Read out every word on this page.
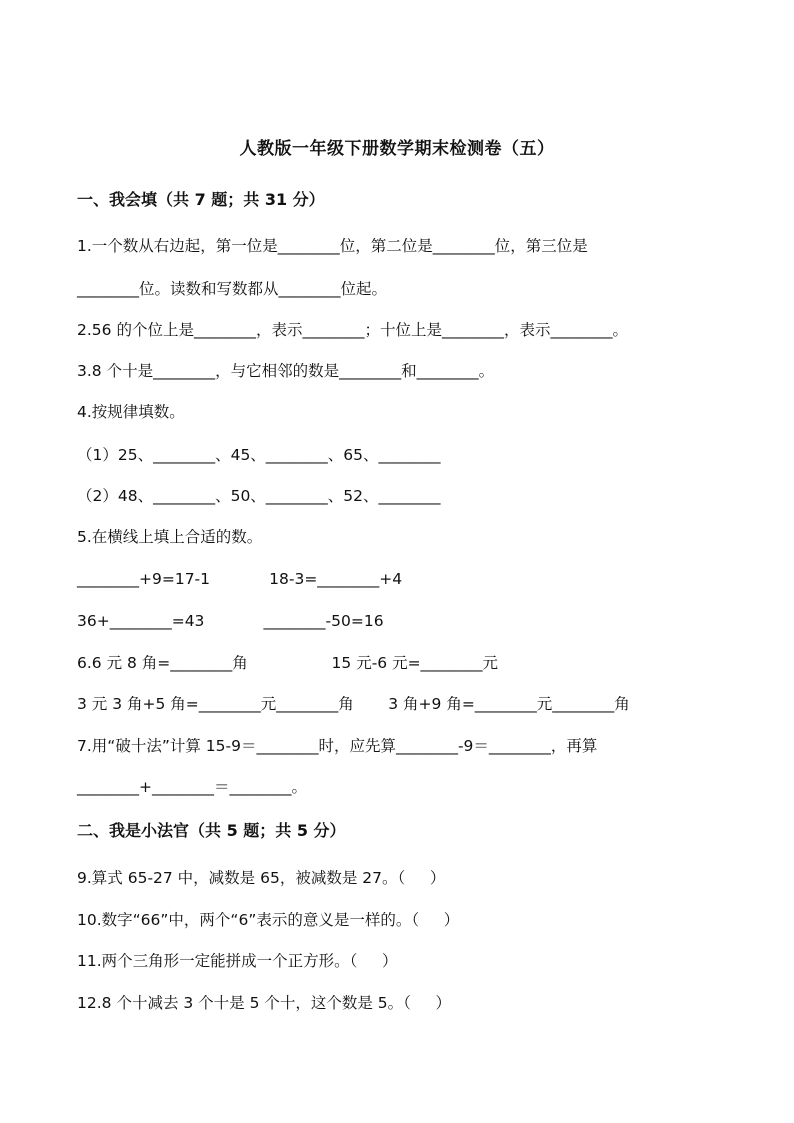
人教版一年级下册数学期末检测卷（五）
一、我会填（共 7 题；共 31 分）
1.一个数从右边起，第一位是________位，第二位是________位，第三位是
________位。读数和写数都从________位起。
2.56 的个位上是________，表示________；十位上是________，表示________。
3.8 个十是________，与它相邻的数是________和________。
4.按规律填数。
（1）25、________、45、________、65、________
（2）48、________、50、________、52、________
5.在横线上填上合适的数。
________+9=17-1            18-3=________+4
36+________=43            ________-50=16
6.6 元 8 角=________角                 15 元-6 元=________元
3 元 3 角+5 角=________元________角       3 角+9 角=________元________角
7.用“破十法”计算 15-9＝________时，应先算________-9＝________，再算
________+________＝________。
二、我是小法官（共 5 题；共 5 分）
9.算式 65-27 中，减数是 65，被减数是 27。（     ）
10.数字“66”中，两个“6”表示的意义是一样的。（     ）
11.两个三角形一定能拼成一个正方形。（     ）
12.8 个十减去 3 个十是 5 个十，这个数是 5。（     ）
